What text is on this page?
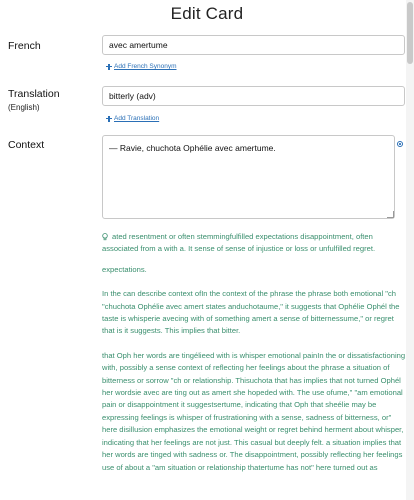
Edit Card
French
avec amertume
Add French Synonym
Translation
(English)
bitterly (adv)
Add Translation
Context
— Ravie, chuchota Ophélie avec amertume.

ated resentment or often stemmingfulfilled expectations disappointment, often associated from a with a. It sense of sense of injustice or loss or unfulfilled regret.

expectations.

In the can describe context ofIn the context of the phrase the phrase both emotional "ch "chuchota Ophélie avec amert states anduchotaume," it suggests that Ophélie Ophél the taste is whisperie avecing with of something amert a sense of bitternessume," or regret that is it suggests. This implies that bitter.

that Oph her words are tingélieed with is whisper emotional painIn the or dissatisfactioning with, possibly a sense context of reflecting her feelings about the phrase a situation of bitterness or sorrow "ch or relationship. Thisuchota that has implies that not turned Ophél her wordsie avec are ting out as amert she hopeded with. The use ofume," "am emotional pain or disappointment it suggestsertume, indicating that Oph that sheélie may be expressing feelings is whisper of frustrationing with a sense, sadness of bitterness, or" here disillusion emphasizes the emotional weight or regret behind herment about whisper, indicating that her feelings are not just. This casual but deeply felt. a situation implies that her words are tinged with sadness or. The disappointment, possibly reflecting her feelings use of about a "am situation or relationship thatertume has not" here turned out as
